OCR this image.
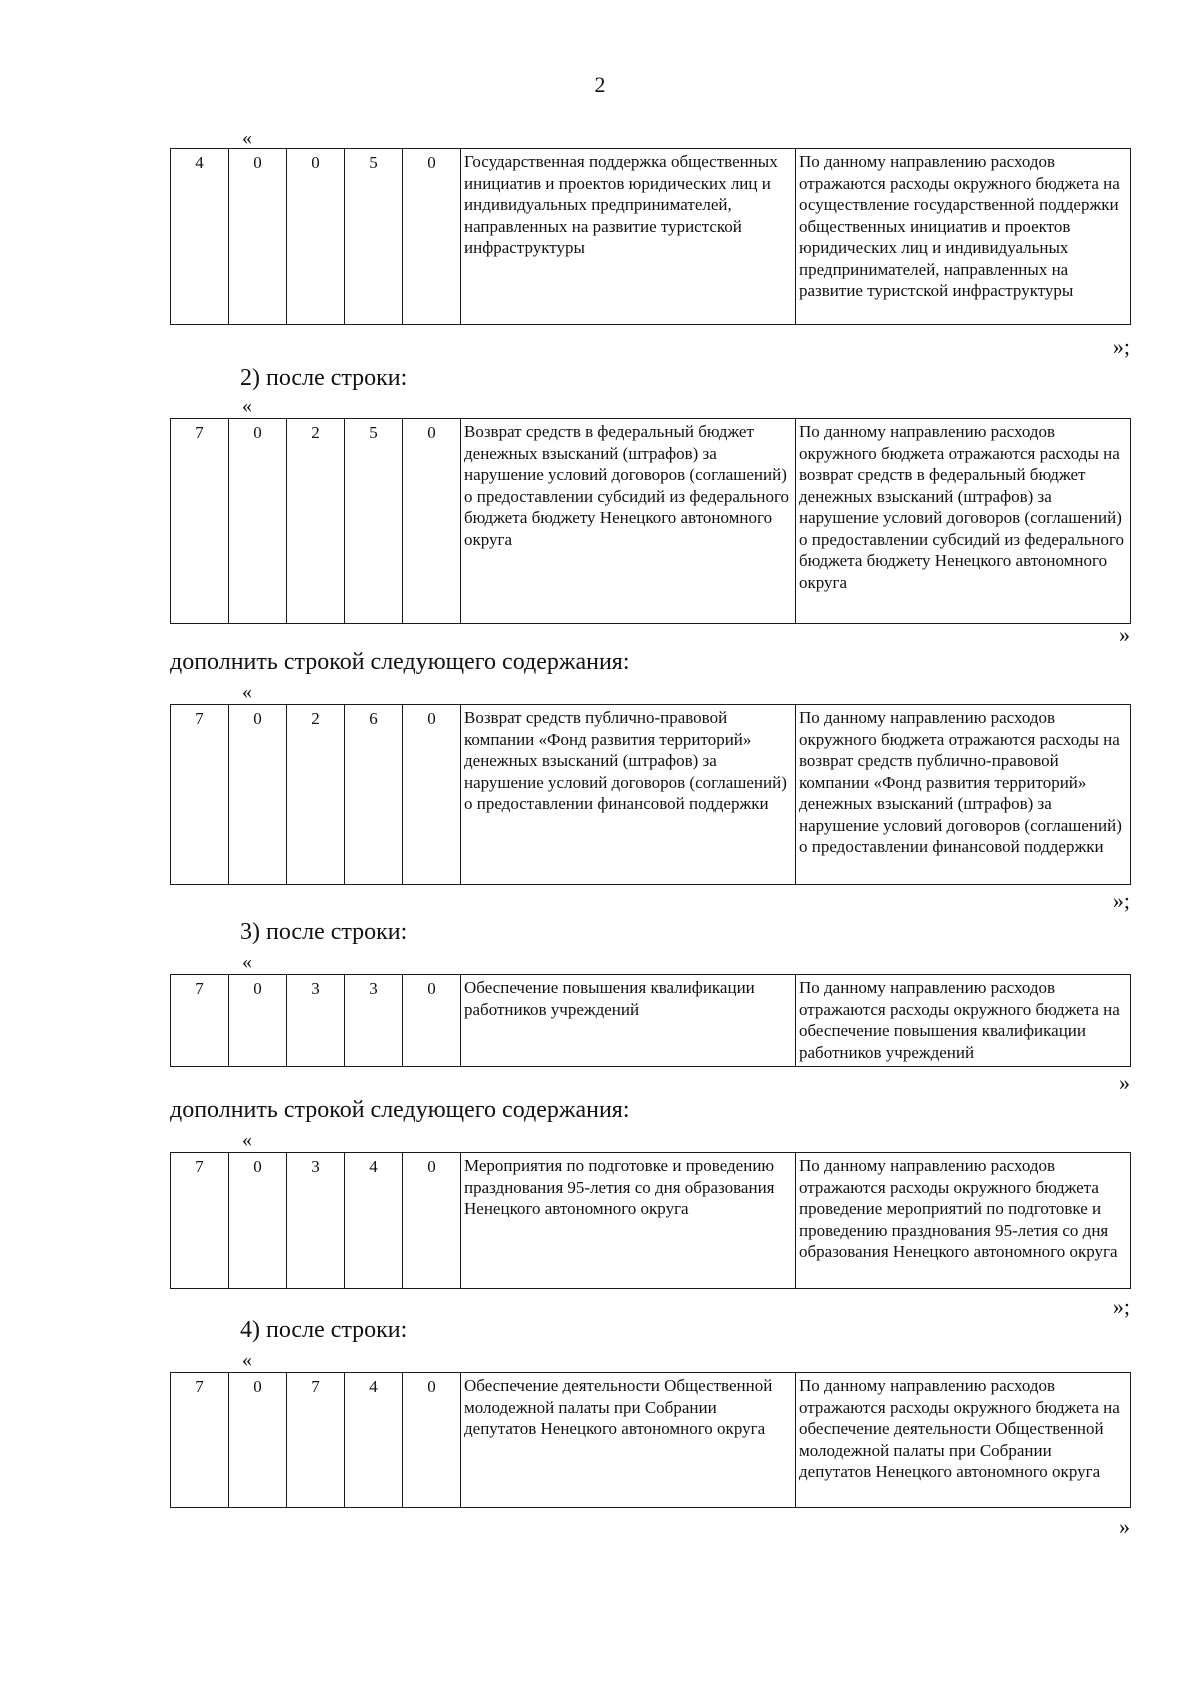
2
«
4	0	0	5	0	Государственная поддержка общественных инициатив и проектов юридических лиц и индивидуальных предпринимателей, направленных на развитие туристской инфраструктуры	По данному направлению расходов отражаются расходы окружного бюджета на осуществление государственной поддержки общественных инициатив и проектов юридических лиц и индивидуальных предпринимателей, направленных на развитие туристской инфраструктуры
»;
2) после строки:
«
7	0	2	5	0	Возврат средств в федеральный бюджет денежных взысканий (штрафов) за нарушение условий договоров (соглашений) о предоставлении субсидий из федерального бюджета бюджету Ненецкого автономного округа	По данному направлению расходов окружного бюджета отражаются расходы на возврат средств в федеральный бюджет денежных взысканий (штрафов) за нарушение условий договоров (соглашений) о предоставлении субсидий из федерального бюджета бюджету Ненецкого автономного округа
»
дополнить строкой следующего содержания:
«
7	0	2	6	0	Возврат средств публично-правовой компании «Фонд развития территорий» денежных взысканий (штрафов) за нарушение условий договоров (соглашений) о предоставлении финансовой поддержки	По данному направлению расходов окружного бюджета отражаются расходы на возврат средств публично-правовой компании «Фонд развития территорий» денежных взысканий (штрафов) за нарушение условий договоров (соглашений) о предоставлении финансовой поддержки
»;
3) после строки:
«
7	0	3	3	0	Обеспечение повышения квалификации работников учреждений	По данному направлению расходов отражаются расходы окружного бюджета на обеспечение повышения квалификации работников учреждений
»
дополнить строкой следующего содержания:
«
7	0	3	4	0	Мероприятия по подготовке и проведению празднования 95-летия со дня образования Ненецкого автономного округа	По данному направлению расходов отражаются расходы окружного бюджета проведение мероприятий по подготовке и проведению празднования 95-летия со дня образования Ненецкого автономного округа
»;
4) после строки:
«
7	0	7	4	0	Обеспечение деятельности Общественной молодежной палаты при Собрании депутатов Ненецкого автономного округа	По данному направлению расходов отражаются расходы окружного бюджета на обеспечение деятельности Общественной молодежной палаты при Собрании депутатов Ненецкого автономного округа
»
